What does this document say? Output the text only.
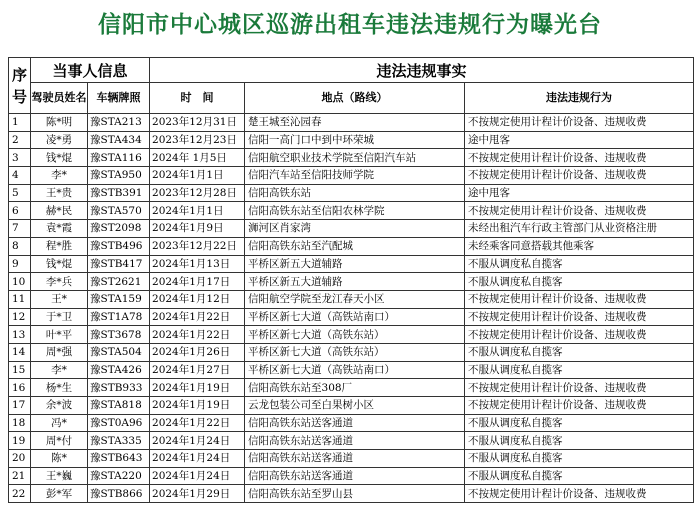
信阳市中心城区巡游出租车违法违规行为曝光台
序号	当事人信息		违法违规事实		
	驾驶员姓名	车辆牌照	时　间	地点（路线）	违法违规行为
1	陈*明	豫STA213	2023年12月31日	楚王城至沁园春	不按规定使用计程计价设备、违规收费
2	凌*勇	豫STA434	2023年12月23日	信阳一高门口中到中环荣城	途中甩客
3	钱*焜	豫STA116	2024年 1月5日	信阳航空职业技术学院至信阳汽车站	不按规定使用计程计价设备、违规收费
4	李*	豫STA950	2024年1月1日	信阳汽车站至信阳技师学院	不按规定使用计程计价设备、违规收费
5	王*贵	豫STB391	2023年12月28日	信阳高铁东站	途中甩客
6	赫*民	豫STA570	2024年1月1日	信阳高铁东站至信阳农林学院	不按规定使用计程计价设备、违规收费
7	袁*霞	豫ST2098	2024年1月9日	浉河区肖家湾	未经出租汽车行政主管部门从业资格注册
8	程*胜	豫STB496	2023年12月22日	信阳高铁东站至汽配城	未经乘客同意搭载其他乘客
9	钱*焜	豫STB417	2024年1月13日	平桥区新五大道辅路	不服从调度私自揽客
10	李*兵	豫ST2621	2024年1月17日	平桥区新五大道辅路	不服从调度私自揽客
11	王*	豫STA159	2024年1月12日	信阳航空学院至龙江春天小区	不按规定使用计程计价设备、违规收费
12	于*卫	豫ST1A78	2024年1月22日	平桥区新七大道（高铁站南口）	不按规定使用计程计价设备、违规收费
13	叶*平	豫ST3678	2024年1月22日	平桥区新七大道（高铁东站）	不按规定使用计程计价设备、违规收费
14	周*强	豫STA504	2024年1月26日	平桥区新七大道（高铁东站）	不服从调度私自揽客
15	李*	豫STA426	2024年1月27日	平桥区新七大道（高铁站南口）	不服从调度私自揽客
16	杨*生	豫STB933	2024年1月19日	信阳高铁东站至308厂	不按规定使用计程计价设备、违规收费
17	余*波	豫STA818	2024年1月19日	云龙包装公司至白果树小区	不按规定使用计程计价设备、违规收费
18	冯*	豫ST0A96	2024年1月22日	信阳高铁东站送客通道	不服从调度私自揽客
19	周*付	豫STA335	2024年1月24日	信阳高铁东站送客通道	不服从调度私自揽客
20	陈*	豫STB643	2024年1月24日	信阳高铁东站送客通道	不服从调度私自揽客
21	王*巍	豫STA220	2024年1月24日	信阳高铁东站送客通道	不服从调度私自揽客
22	彭*军	豫STB866	2024年1月29日	信阳高铁东站至罗山县	不按规定使用计程计价设备、违规收费
